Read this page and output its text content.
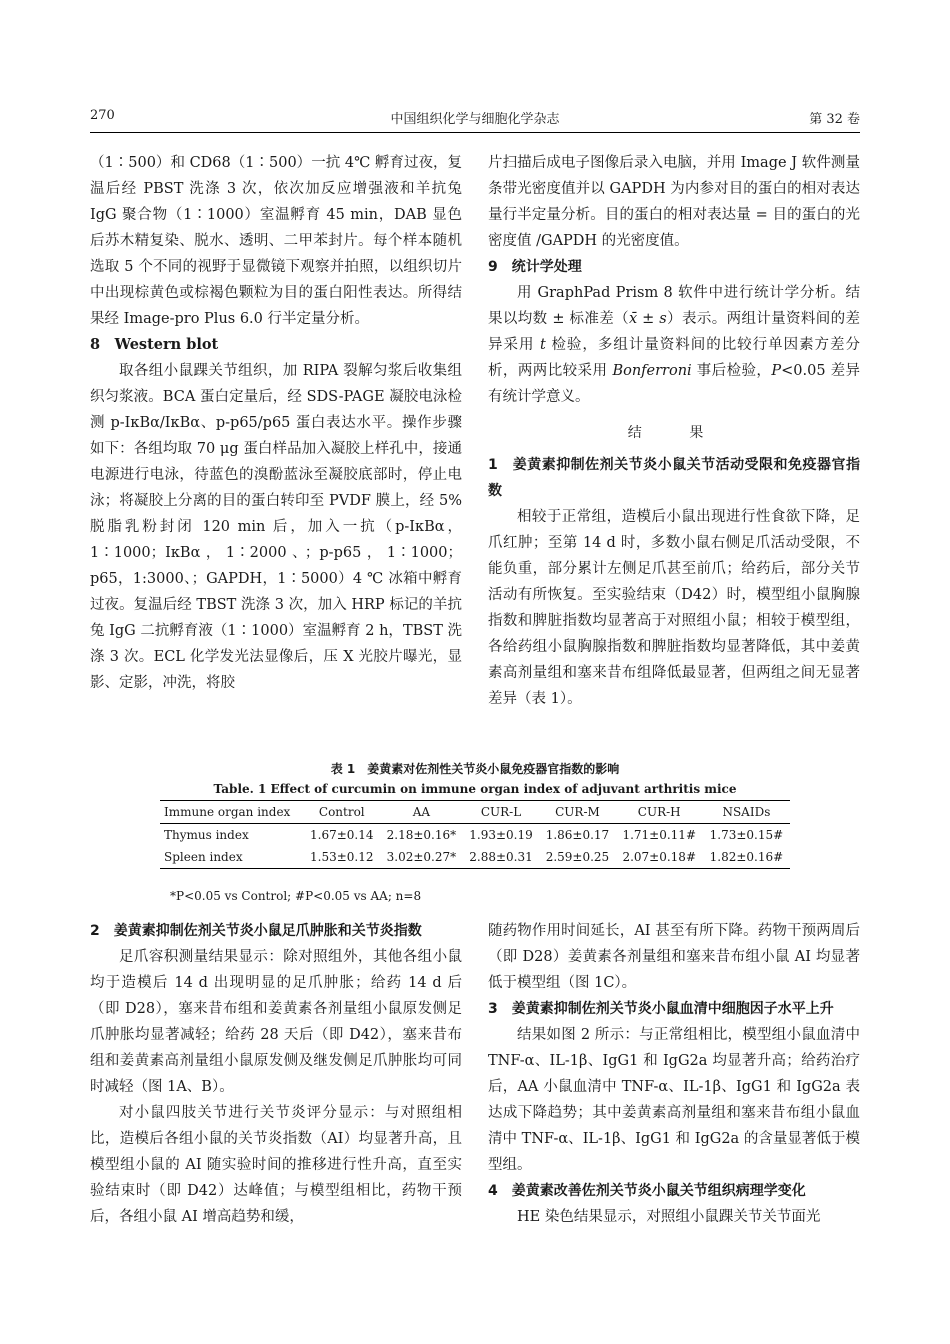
270	中国组织化学与细胞化学杂志	第 32 卷

（1∶500）和 CD68（1∶500）一抗 4℃ 孵育过夜，复温后经 PBST 洗涤 3 次，依次加反应增强液和羊抗兔 IgG 聚合物（1∶1000）室温孵育 45 min，DAB 显色后苏木精复染、脱水、透明、二甲苯封片。每个样本随机选取 5 个不同的视野于显微镜下观察并拍照，以组织切片中出现棕黄色或棕褐色颗粒为目的蛋白阳性表达。所得结果经 Image-pro Plus 6.0 行半定量分析。

8　Western blot

取各组小鼠踝关节组织，加 RIPA 裂解匀浆后收集组织匀浆液。BCA 蛋白定量后，经 SDS-PAGE 凝胶电泳检测 p-IκBα/IκBα、p-p65/p65 蛋白表达水平。操作步骤如下：各组均取 70 μg 蛋白样品加入凝胶上样孔中，接通电源进行电泳，待蓝色的溴酚蓝泳至凝胶底部时，停止电泳；将凝胶上分离的目的蛋白转印至 PVDF 膜上，经 5% 脱脂乳粉封闭 120 min 后，加入一抗（p-IκBα，1∶1000；IκBα，1∶2000、；p-p65，1∶1000；p65，1:3000、；GAPDH，1∶5000）4 ℃ 冰箱中孵育过夜。复温后经 TBST 洗涤 3 次，加入 HRP 标记的羊抗兔 IgG 二抗孵育液（1∶1000）室温孵育 2 h，TBST 洗涤 3 次。ECL 化学发光法显像后，压 X 光胶片曝光，显影、定影，冲洗，将胶

片扫描后成电子图像后录入电脑，并用 Image J 软件测量条带光密度值并以 GAPDH 为内参对目的蛋白的相对表达量行半定量分析。目的蛋白的相对表达量 = 目的蛋白的光密度值 /GAPDH 的光密度值。

9　统计学处理

用 GraphPad Prism 8 软件中进行统计学分析。结果以均数 ± 标准差（x̄ ± s）表示。两组计量资料间的差异采用 t 检验，多组计量资料间的比较行单因素方差分析，两两比较采用 Bonferroni 事后检验，P<0.05 差异有统计学意义。

结　果

1　姜黄素抑制佐剂关节炎小鼠关节活动受限和免疫器官指数

相较于正常组，造模后小鼠出现进行性食欲下降，足爪红肿；至第 14 d 时，多数小鼠右侧足爪活动受限，不能负重，部分累计左侧足爪甚至前爪；给药后，部分关节活动有所恢复。至实验结束（D42）时，模型组小鼠胸腺指数和脾脏指数均显著高于对照组小鼠；相较于模型组，各给药组小鼠胸腺指数和脾脏指数均显著降低，其中姜黄素高剂量组和塞来昔布组降低最显著，但两组之间无显著差异（表 1）。

表 1　姜黄素对佐剂性关节炎小鼠免疫器官指数的影响
Table. 1 Effect of curcumin on immune organ index of adjuvant arthritis mice
Immune organ index	Control	AA	CUR-L	CUR-M	CUR-H	NSAIDs
Thymus index	1.67±0.14	2.18±0.16*	1.93±0.19	1.86±0.17	1.71±0.11#	1.73±0.15#
Spleen index	1.53±0.12	3.02±0.27*	2.88±0.31	2.59±0.25	2.07±0.18#	1.82±0.16#
*P<0.05 vs Control; #P<0.05 vs AA; n=8

2　姜黄素抑制佐剂关节炎小鼠足爪肿胀和关节炎指数

足爪容积测量结果显示：除对照组外，其他各组小鼠均于造模后 14 d 出现明显的足爪肿胀；给药 14 d 后（即 D28），塞来昔布组和姜黄素各剂量组小鼠原发侧足爪肿胀均显著减轻；给药 28 天后（即 D42），塞来昔布组和姜黄素高剂量组小鼠原发侧及继发侧足爪肿胀均可同时减轻（图 1A、B）。

对小鼠四肢关节进行关节炎评分显示：与对照组相比，造模后各组小鼠的关节炎指数（AI）均显著升高，且模型组小鼠的 AI 随实验时间的推移进行性升高，直至实验结束时（即 D42）达峰值；与模型组相比，药物干预后，各组小鼠 AI 增高趋势和缓，

随药物作用时间延长，AI 甚至有所下降。药物干预两周后（即 D28）姜黄素各剂量组和塞来昔布组小鼠 AI 均显著低于模型组（图 1C）。

3　姜黄素抑制佐剂关节炎小鼠血清中细胞因子水平上升

结果如图 2 所示：与正常组相比，模型组小鼠血清中 TNF-α、IL-1β、IgG1 和 IgG2a 均显著升高；给药治疗后，AA 小鼠血清中 TNF-α、IL-1β、IgG1 和 IgG2a 表达成下降趋势；其中姜黄素高剂量组和塞来昔布组小鼠血清中 TNF-α、IL-1β、IgG1 和 IgG2a 的含量显著低于模型组。

4　姜黄素改善佐剂关节炎小鼠关节组织病理学变化

HE 染色结果显示，对照组小鼠踝关节关节面光
